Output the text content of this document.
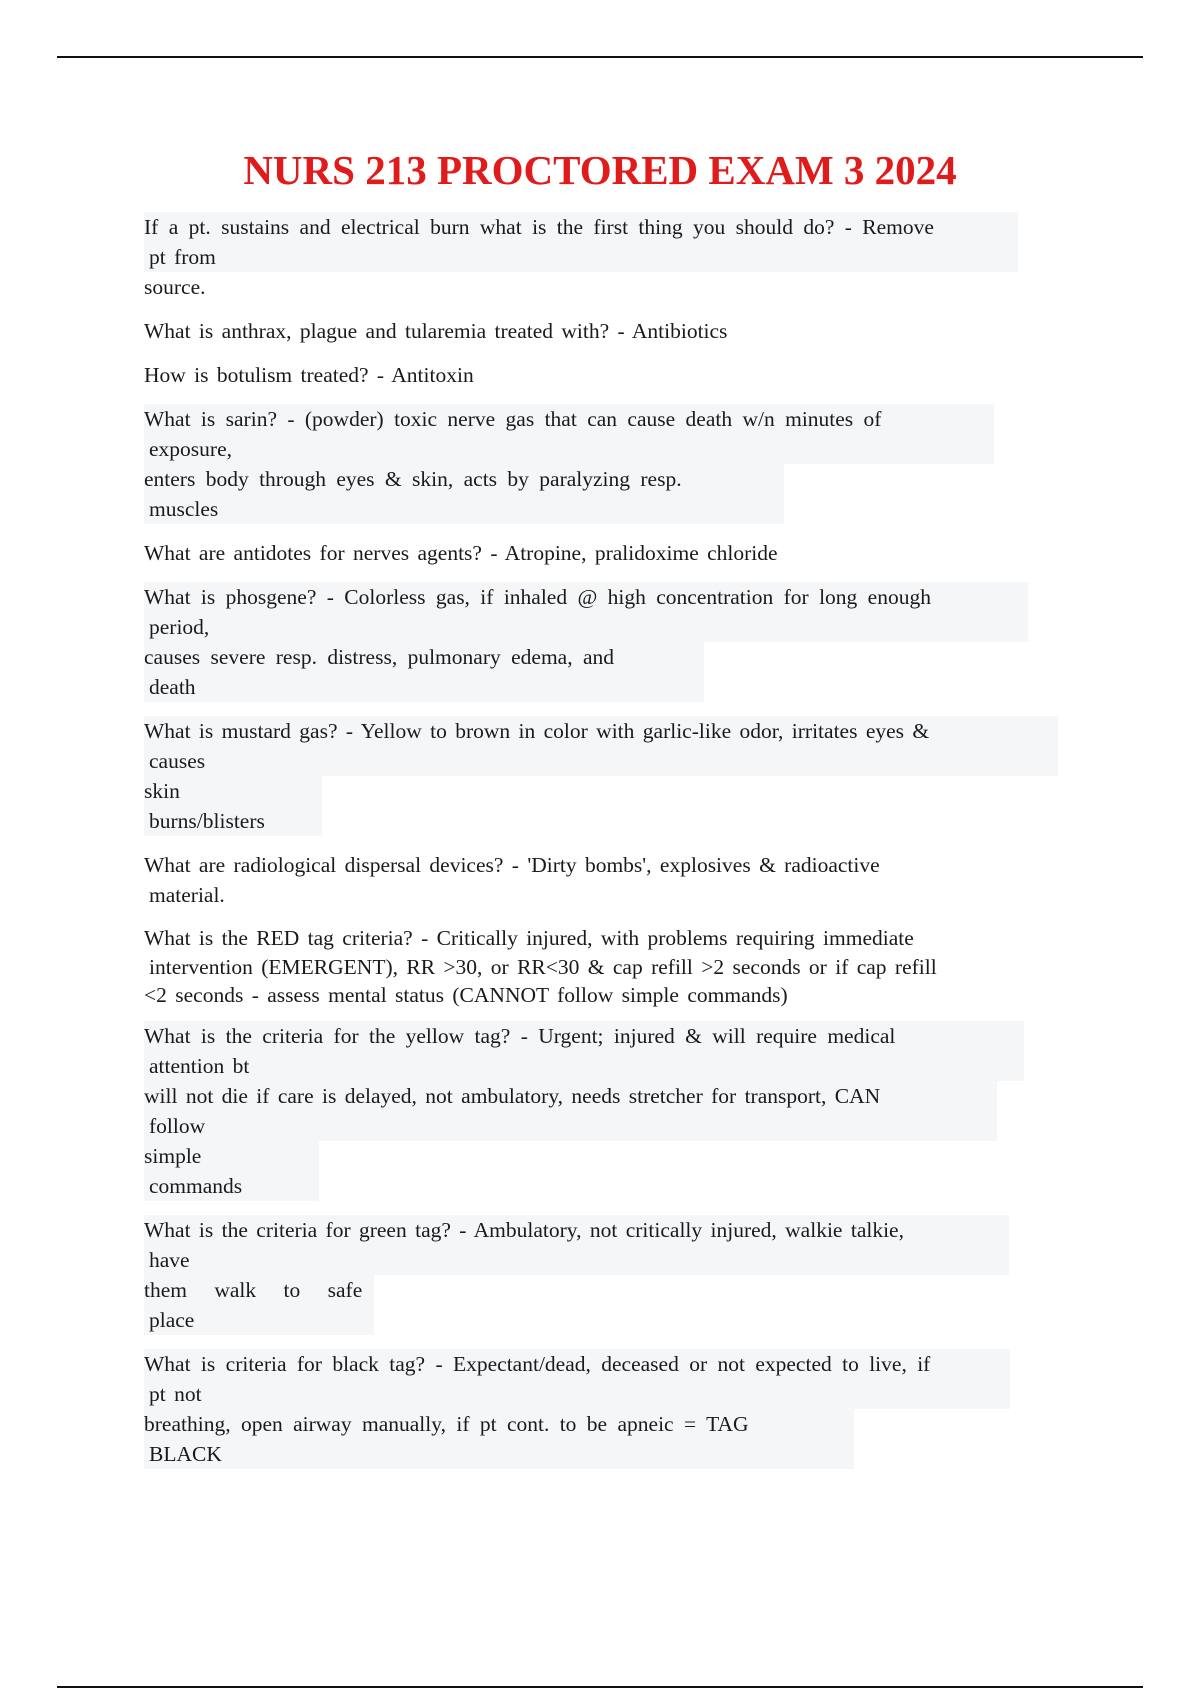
NURS 213 PROCTORED EXAM 3 2024
If a pt. sustains and electrical burn what is the first thing you should do? - Remove
pt from
source.
What is anthrax, plague and tularemia treated with? - Antibiotics
How is botulism treated? - Antitoxin
What is sarin? - (powder) toxic nerve gas that can cause death w/n minutes of
exposure,
enters body through eyes & skin, acts by paralyzing resp.
muscles
What are antidotes for nerves agents? - Atropine, pralidoxime chloride
What is phosgene? - Colorless gas, if inhaled @ high concentration for long enough
period,
causes severe resp. distress, pulmonary edema, and
death
What is mustard gas? - Yellow to brown in color with garlic-like odor, irritates eyes &
causes
skin
burns/blisters
What are radiological dispersal devices? - 'Dirty bombs', explosives & radioactive
material.
What is the RED tag criteria? - Critically injured, with problems requiring immediate
intervention (EMERGENT), RR >30, or RR<30 & cap refill >2 seconds or if cap refill
<2 seconds - assess mental status (CANNOT follow simple commands)
What is the criteria for the yellow tag? - Urgent; injured & will require medical
attention bt
will not die if care is delayed, not ambulatory, needs stretcher for transport, CAN
follow
simple
commands
What is the criteria for green tag? - Ambulatory, not critically injured, walkie talkie,
have
them walk to safe
place
What is criteria for black tag? - Expectant/dead, deceased or not expected to live, if
pt not
breathing, open airway manually, if pt cont. to be apneic = TAG
BLACK
